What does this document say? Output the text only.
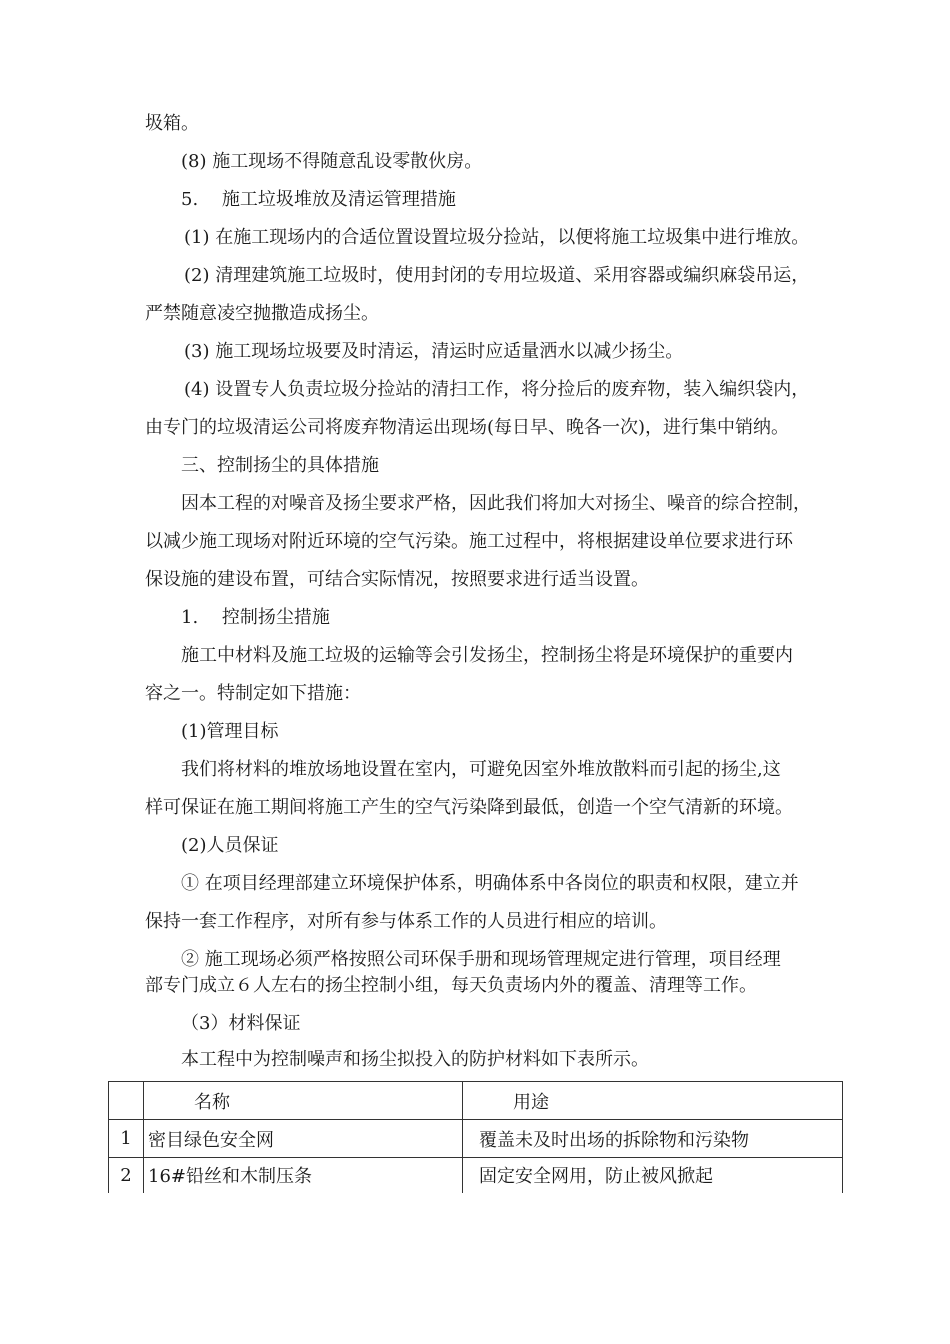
圾箱。
(8) 施工现场不得随意乱设零散伙房。
5.　 施工垃圾堆放及清运管理措施
(1) 在施工现场内的合适位置设置垃圾分捡站，以便将施工垃圾集中进行堆放。
(2) 清理建筑施工垃圾时，使用封闭的专用垃圾道、采用容器或编织麻袋吊运，
严禁随意凌空抛撒造成扬尘。
(3) 施工现场垃圾要及时清运，清运时应适量洒水以减少扬尘。
(4) 设置专人负责垃圾分捡站的清扫工作，将分捡后的废弃物，装入编织袋内，
由专门的垃圾清运公司将废弃物清运出现场(每日早、晚各一次)，进行集中销纳。
三、控制扬尘的具体措施
因本工程的对噪音及扬尘要求严格，因此我们将加大对扬尘、噪音的综合控制，
以减少施工现场对附近环境的空气污染。施工过程中，将根据建设单位要求进行环
保设施的建设布置，可结合实际情况，按照要求进行适当设置。
1.　 控制扬尘措施
施工中材料及施工垃圾的运输等会引发扬尘，控制扬尘将是环境保护的重要内
容之一。特制定如下措施：
(1)管理目标
我们将材料的堆放场地设置在室内，可避免因室外堆放散料而引起的扬尘,这
样可保证在施工期间将施工产生的空气污染降到最低，创造一个空气清新的环境。
(2)人员保证
① 在项目经理部建立环境保护体系，明确体系中各岗位的职责和权限，建立并
保持一套工作程序，对所有参与体系工作的人员进行相应的培训。
② 施工现场必须严格按照公司环保手册和现场管理规定进行管理，项目经理
部专门成立６人左右的扬尘控制小组，每天负责场内外的覆盖、清理等工作。
（3）材料保证
本工程中为控制噪声和扬尘拟投入的防护材料如下表所示。
	名称	用途
1	密目绿色安全网	覆盖未及时出场的拆除物和污染物
2	16#铅丝和木制压条	固定安全网用，防止被风掀起
